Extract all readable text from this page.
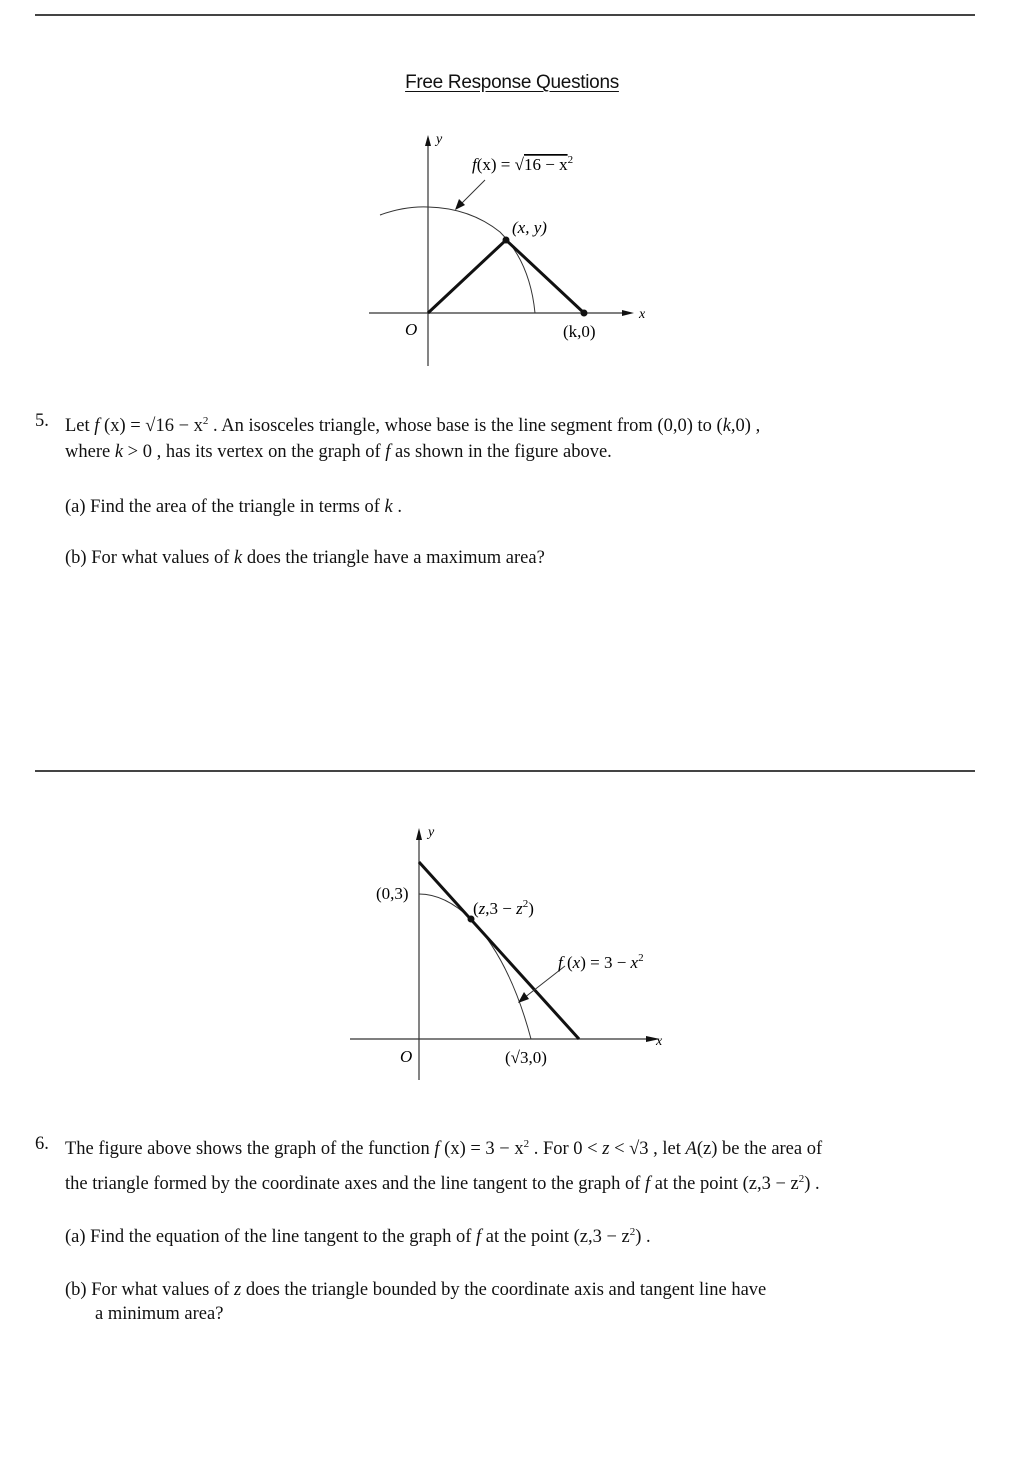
Free Response Questions
y
x
O
$f(x) = √16 - x^2$
(x, y)
(k,0)
5. Let f $(x) = √16 - x^2$ . An isosceles triangle, whose base is the line segment from (0,0) to (k,0) ,
where k > 0 , has its vertex on the graph of f as shown in the figure above.
(a) Find the area of the triangle in terms of k .
(b) For what values of k does the triangle have a maximum area?
y
x
O
(0,3)
$(z,3 - z^2)$
f $(x) = 3 - x^2$
(√3,0)
6. The figure above shows the graph of the function f $(x) = 3 - x^2$ . For 0 < z < √3 , let A(z) be the area of
the triangle formed by the coordinate axes and the line tangent to the graph of f at the point $(z,3 - z^2)$ .
(a) Find the equation of the line tangent to the graph of f at the point $(z,3 - z^2)$ .
(b) For what values of z does the triangle bounded by the coordinate axis and tangent line have
a minimum area?
